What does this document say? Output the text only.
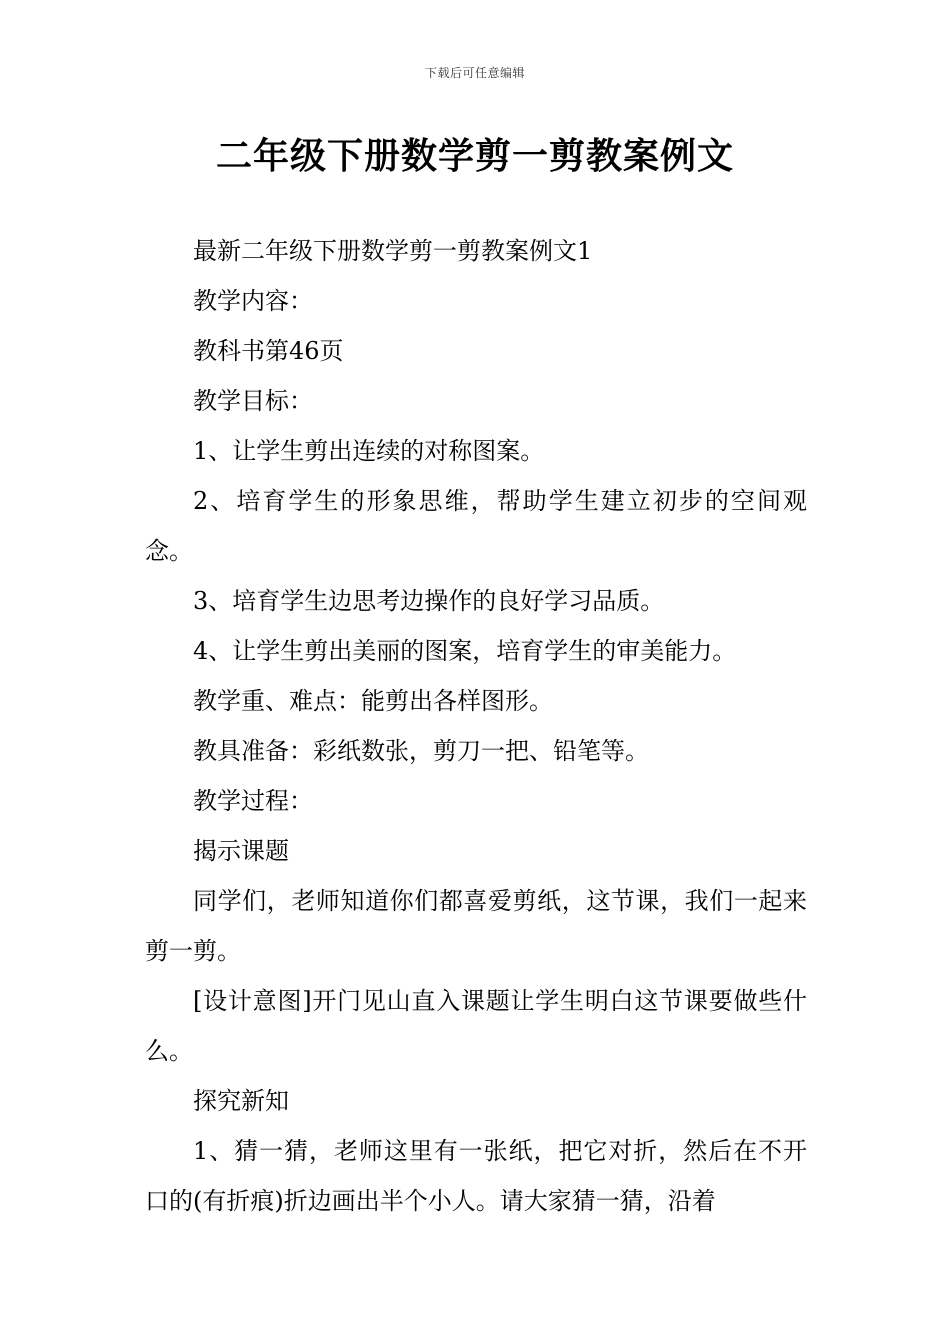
下载后可任意编辑
二年级下册数学剪一剪教案例文

最新二年级下册数学剪一剪教案例文1

教学内容：

教科书第46页

教学目标：

1、让学生剪出连续的对称图案。

2、培育学生的形象思维，帮助学生建立初步的空间观念。

3、培育学生边思考边操作的良好学习品质。

4、让学生剪出美丽的图案，培育学生的审美能力。

教学重、难点：能剪出各样图形。

教具准备：彩纸数张，剪刀一把、铅笔等。

教学过程：

揭示课题

同学们，老师知道你们都喜爱剪纸，这节课，我们一起来剪一剪。

[设计意图]开门见山直入课题让学生明白这节课要做些什么。

探究新知

1、猜一猜，老师这里有一张纸，把它对折，然后在不开口的(有折痕)折边画出半个小人。请大家猜一猜，沿着
